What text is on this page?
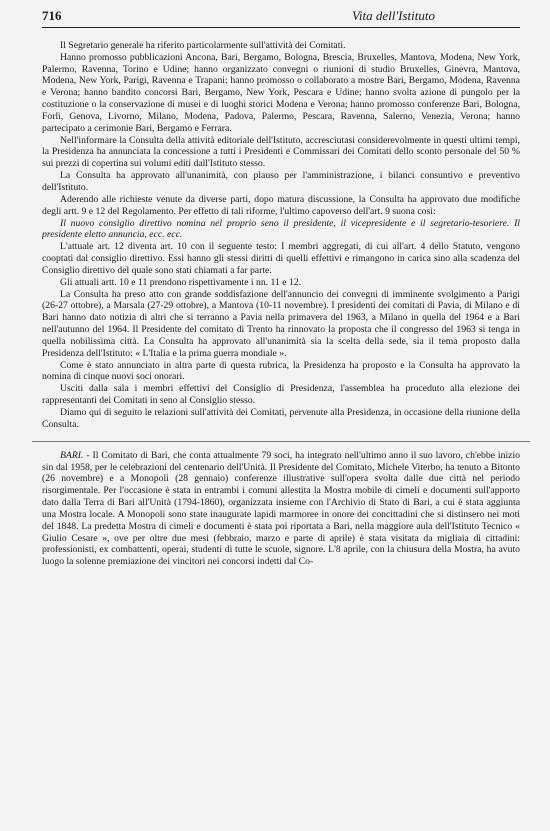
716	Vita dell'Istituto

Il Segretario generale ha riferito particolarmente sull'attività dei Comitati.

Hanno promosso pubblicazioni Ancona, Bari, Bergamo, Bologna, Brescia, Bruxelles, Mantova, Modena, New York, Palermo, Ravenna, Torino e Udine; hanno organizzato convegni o riunioni di studio Bruxelles, Ginevra, Mantova, Modena, New York, Parigi, Ravenna e Trapani; hanno promosso o collaborato a mostre Bari, Bergamo, Modena, Ravenna e Verona; hanno bandito concorsi Bari, Bergamo, New York, Pescara e Udine; hanno svolta azione di pungolo per la costituzione o la conservazione di musei e di luoghi storici Modena e Verona; hanno promosso conferenze Bari, Bologna, Forlì, Genova, Livorno, Milano, Modena, Padova, Palermo, Pescara, Ravenna, Salerno, Venezia, Verona; hanno partecipato a cerimonie Bari, Bergamo e Ferrara.

Nell'informare la Consulta della attività editoriale dell'Istituto, accresciutasi considerevolmente in questi ultimi tempi, la Presidenza ha annunciata la concessione a tutti i Presidenti e Commissari dei Comitati dello sconto personale del 50 % sui prezzi di copertina sui volumi editi dall'Istituto stesso.

La Consulta ha approvato all'unanimità, con plauso per l'amministrazione, i bilanci consuntivo e preventivo dell'Istituto.

Aderendo alle richieste venute da diverse parti, dopo matura discussione, la Consulta ha approvato due modifiche degli artt. 9 e 12 del Regolamento. Per effetto di tali riforme, l'ultimo capoverso dell'art. 9 suona così:

Il nuovo consiglio direttivo nomina nel proprio seno il presidente, il vicepresidente e il segretario-tesoriere. Il presidente eletto annuncia, ecc. ecc.

L'attuale art. 12 diventa art. 10 con il seguente testo: I membri aggregati, di cui all'art. 4 dello Statuto, vengono cooptati dal consiglio direttivo. Essi hanno gli stessi diritti di quelli effettivi e rimangono in carica sino alla scadenza del Consiglio direttivo del quale sono stati chiamati a far parte.

Gli attuali artt. 10 e 11 prendono rispettivamente i nn. 11 e 12.

La Consulta ha preso atto con grande soddisfazione dell'annuncio dei convegni di imminente svolgimento a Parigi (26-27 ottobre), a Marsala (27-29 ottobre), a Mantova (10-11 novembre). I presidenti dei comitati di Pavia, di Milano e di Bari hanno dato notizia di altri che si terranno a Pavia nella primavera del 1963, a Milano in quella del 1964 e a Bari nell'autunno del 1964. Il Presidente del comitato di Trento ha rinnovato la proposta che il congresso del 1963 si tenga in quella nobilissima città. La Consulta ha approvato all'unanimità sia la scelta della sede, sia il tema proposto dalla Presidenza dell'Istituto: « L'Italia e la prima guerra mondiale ».

Come è stato annunciato in altra parte di questa rubrica, la Presidenza ha proposto e la Consulta ha approvato la nomina di cinque nuovi soci onorari.

Usciti dalla sala i membri effettivi del Consiglio di Presidenza, l'assemblea ha proceduto alla elezione dei rappresentanti dei Comitati in seno al Consiglio stesso.

Diamo qui di seguito le relazioni sull'attività dei Comitati, pervenute alla Presidenza, in occasione della riunione della Consulta.

BARI. - Il Comitato di Bari, che conta attualmente 79 soci, ha integrato nell'ultimo anno il suo lavoro, ch'ebbe inizio sin dal 1958, per le celebrazioni del centenario dell'Unità. Il Presidente del Comitato, Michele Viterbo, ha tenuto a Bitonto (26 novembre) e a Monopoli (28 gennaio) conferenze illustrative sull'opera svolta dalle due città nel periodo risorgimentale. Per l'occasione è stata in entrambi i comuni allestita la Mostra mobile di cimeli e documenti sull'apporto dato dalla Terra di Bari all'Unità (1794-1860), organizzata insieme con l'Archivio di Stato di Bari, a cui è stata aggiunta una Mostra locale. A Monopoli sono state inaugurate lapidi marmoree in onore dei concittadini che si distinsero nei moti del 1848. La predetta Mostra di cimeli e documenti è stata poi riportata a Bari, nella maggiore aula dell'Istituto Tecnico « Giulio Cesare », ove per oltre due mesi (febbraio, marzo e parte di aprile) è stata visitata da migliaia di cittadini: professionisti, ex combattenti, operai, studenti di tutte le scuole, signore. L'8 aprile, con la chiusura della Mostra, ha avuto luogo la solenne premiazione dei vincitori nei concorsi indetti dal Co-
